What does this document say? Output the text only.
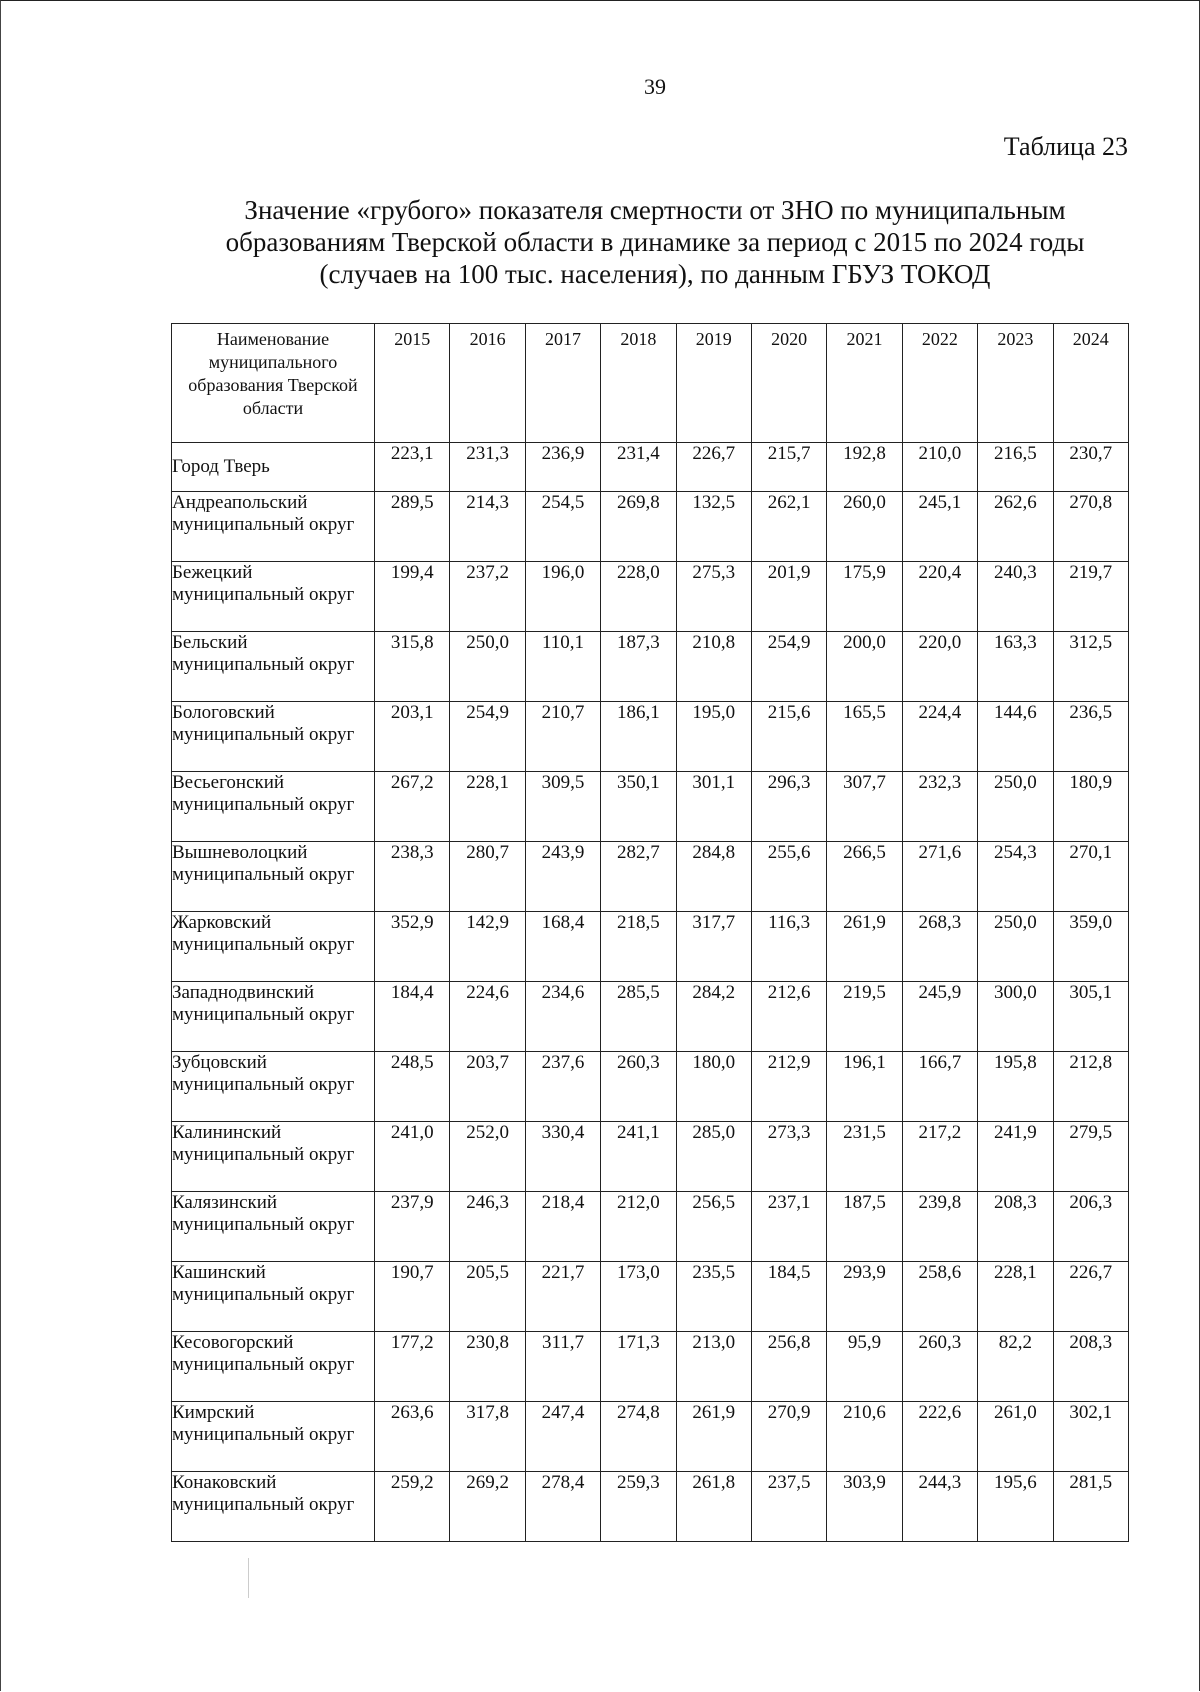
39
Таблица 23
Значение «грубого» показателя смертности от ЗНО по муниципальным
образованиям Тверской области в динамике за период с 2015 по 2024 годы
(случаев на 100 тыс. населения), по данным ГБУЗ ТОКОД
Наименование муниципального образования Тверской области	2015	2016	2017	2018	2019	2020	2021	2022	2023	2024
Город Тверь	223,1	231,3	236,9	231,4	226,7	215,7	192,8	210,0	216,5	230,7
Андреапольский муниципальный округ	289,5	214,3	254,5	269,8	132,5	262,1	260,0	245,1	262,6	270,8
Бежецкий муниципальный округ	199,4	237,2	196,0	228,0	275,3	201,9	175,9	220,4	240,3	219,7
Бельский муниципальный округ	315,8	250,0	110,1	187,3	210,8	254,9	200,0	220,0	163,3	312,5
Бологовский муниципальный округ	203,1	254,9	210,7	186,1	195,0	215,6	165,5	224,4	144,6	236,5
Весьегонский муниципальный округ	267,2	228,1	309,5	350,1	301,1	296,3	307,7	232,3	250,0	180,9
Вышневолоцкий муниципальный округ	238,3	280,7	243,9	282,7	284,8	255,6	266,5	271,6	254,3	270,1
Жарковский муниципальный округ	352,9	142,9	168,4	218,5	317,7	116,3	261,9	268,3	250,0	359,0
Западнодвинский муниципальный округ	184,4	224,6	234,6	285,5	284,2	212,6	219,5	245,9	300,0	305,1
Зубцовский муниципальный округ	248,5	203,7	237,6	260,3	180,0	212,9	196,1	166,7	195,8	212,8
Калининский муниципальный округ	241,0	252,0	330,4	241,1	285,0	273,3	231,5	217,2	241,9	279,5
Калязинский муниципальный округ	237,9	246,3	218,4	212,0	256,5	237,1	187,5	239,8	208,3	206,3
Кашинский муниципальный округ	190,7	205,5	221,7	173,0	235,5	184,5	293,9	258,6	228,1	226,7
Кесовогорский муниципальный округ	177,2	230,8	311,7	171,3	213,0	256,8	95,9	260,3	82,2	208,3
Кимрский муниципальный округ	263,6	317,8	247,4	274,8	261,9	270,9	210,6	222,6	261,0	302,1
Конаковский муниципальный округ	259,2	269,2	278,4	259,3	261,8	237,5	303,9	244,3	195,6	281,5
